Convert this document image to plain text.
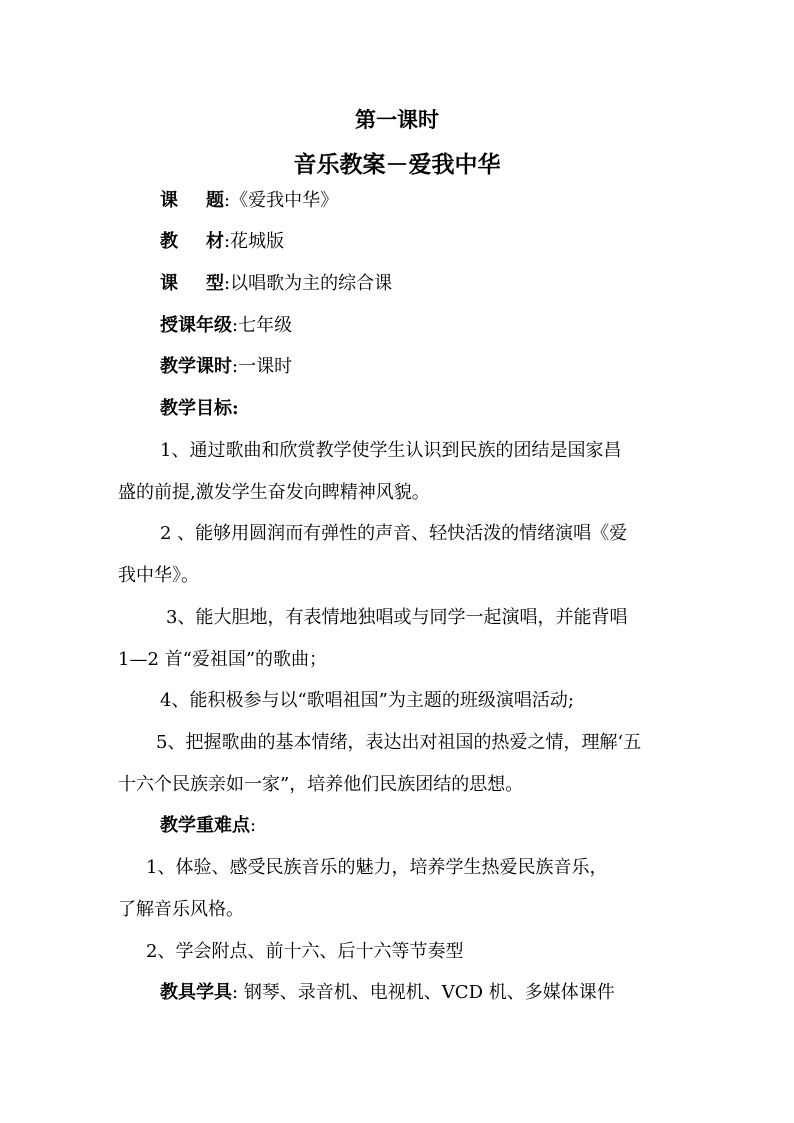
第一课时
音乐教案－爱我中华
课 题:《爱我中华》
教 材:花城版
课 型:以唱歌为主的综合课
授课年级:七年级
教学课时:一课时
教学目标:
1、通过歌曲和欣赏教学使学生认识到民族的团结是国家昌
盛的前提,激发学生奋发向睥精神风貌。
2 、能够用圆润而有弹性的声音、轻快活泼的情绪演唱《爱
我中华》。
3、能大胆地，有表情地独唱或与同学一起演唱，并能背唱
1—2 首“爱祖国”的歌曲；
4、能积极参与以“歌唱祖国”为主题的班级演唱活动;
5、把握歌曲的基本情绪，表达出对祖国的热爱之情，理解‘五
十六个民族亲如一家”，培养他们民族团结的思想。
教学重难点:
1、体验、感受民族音乐的魅力，培养学生热爱民族音乐，
了解音乐风格。
2、学会附点、前十六、后十六等节奏型
教具学具: 钢琴、录音机、电视机、VCD 机、多媒体课件
